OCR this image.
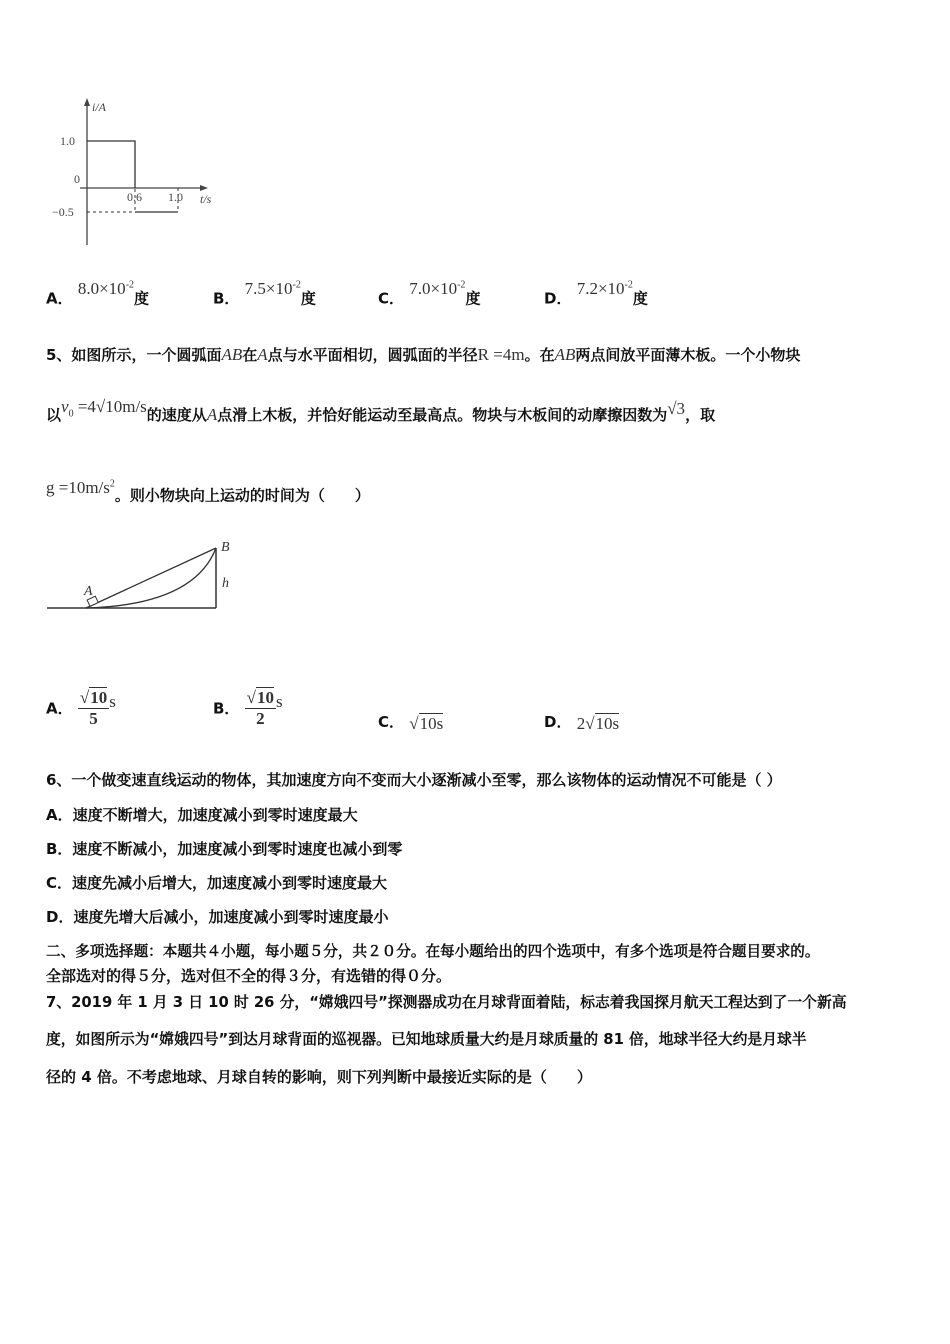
i/A
1.0
0
−0.5
0.6 1.0 t/s
A． $8.0\times 10^{-2}$度	B． $7.5\times 10^{-2}$度	C． $7.0\times 10^{-2}$度	D． $7.2\times 10^{-2}$度
5、如图所示，一个圆弧面AB在A点与水平面相切，圆弧面的半径R =4m。在AB两点间放平面薄木板。一个小物块
以$v_0 =4√10m/s$的速度从A点滑上木板，并恰好能运动至最高点。物块与木板间的动摩擦因数为√3，取
$g =10m/s^2$。则小物块向上运动的时间为（　　）
A
B
h
A． $\frac{√10}{5}$ s	B． $\frac{√10}{2}$ s
C． √10s	D． 2√10s
6、一个做变速直线运动的物体，其加速度方向不变而大小逐渐减小至零，那么该物体的运动情况不可能是（ ）
A．速度不断增大，加速度减小到零时速度最大
B．速度不断减小，加速度减小到零时速度也减小到零
C．速度先减小后增大，加速度减小到零时速度最大
D．速度先增大后减小，加速度减小到零时速度最小
二、多项选择题：本题共４小题，每小题５分，共２０分。在每小题给出的四个选项中，有多个选项是符合题目要求的。
全部选对的得５分，选对但不全的得３分，有选错的得０分。
7、2019 年 1 月 3 日 10 时 26 分，“嫦娥四号”探测器成功在月球背面着陆，标志着我国探月航天工程达到了一个新高
度，如图所示为“嫦娥四号”到达月球背面的巡视器。已知地球质量大约是月球质量的 81 倍，地球半径大约是月球半
径的 4 倍。不考虑地球、月球自转的影响，则下列判断中最接近实际的是（　　）
